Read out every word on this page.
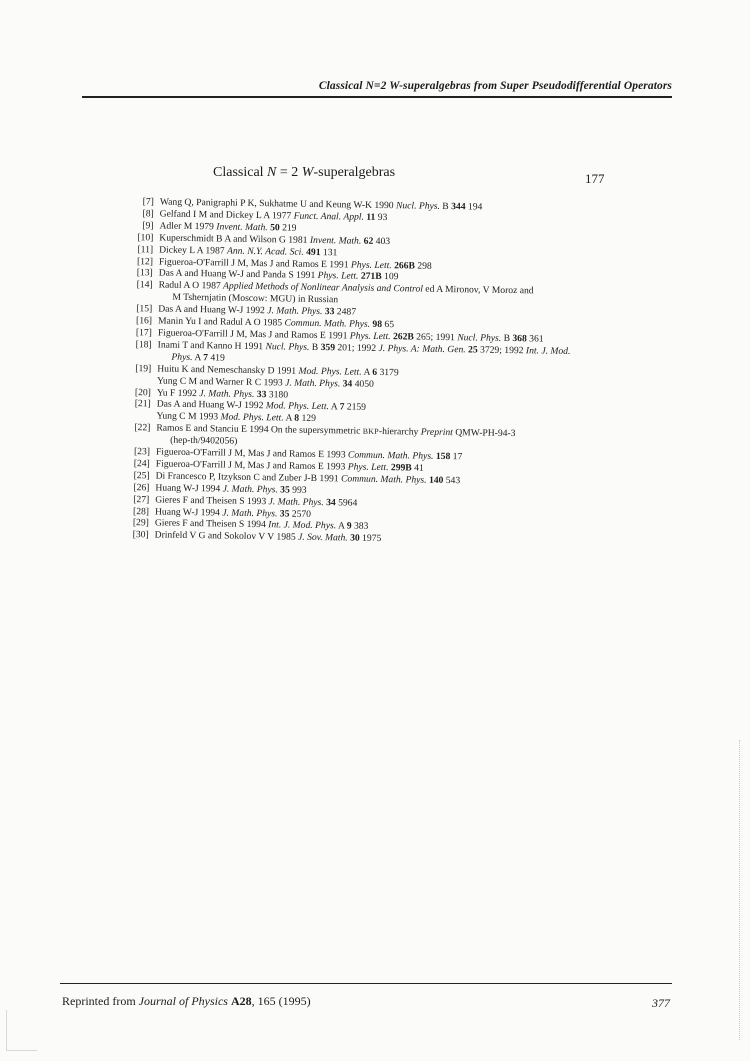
Classical N=2 W-superalgebras from Super Pseudodifferential Operators
Classical N = 2 W-superalgebras	177
[7] Wang Q, Panigraphi P K, Sukhatme U and Keung W-K 1990 Nucl. Phys. B 344 194
[8] Gelfand I M and Dickey L A 1977 Funct. Anal. Appl. 11 93
[9] Adler M 1979 Invent. Math. 50 219
[10] Kuperschmidt B A and Wilson G 1981 Invent. Math. 62 403
[11] Dickey L A 1987 Ann. N.Y. Acad. Sci. 491 131
[12] Figueroa-O'Farrill J M, Mas J and Ramos E 1991 Phys. Lett. 266B 298
[13] Das A and Huang W-J and Panda S 1991 Phys. Lett. 271B 109
[14] Radul A O 1987 Applied Methods of Nonlinear Analysis and Control ed A Mironov, V Moroz and
M Tshernjatin (Moscow: MGU) in Russian
[15] Das A and Huang W-J 1992 J. Math. Phys. 33 2487
[16] Manin Yu I and Radul A O 1985 Commun. Math. Phys. 98 65
[17] Figueroa-O'Farrill J M, Mas J and Ramos E 1991 Phys. Lett. 262B 265; 1991 Nucl. Phys. B 368 361
[18] Inami T and Kanno H 1991 Nucl. Phys. B 359 201; 1992 J. Phys. A: Math. Gen. 25 3729; 1992 Int. J. Mod.
Phys. A 7 419
[19] Huitu K and Nemeschansky D 1991 Mod. Phys. Lett. A 6 3179
Yung C M and Warner R C 1993 J. Math. Phys. 34 4050
[20] Yu F 1992 J. Math. Phys. 33 3180
[21] Das A and Huang W-J 1992 Mod. Phys. Lett. A 7 2159
Yung C M 1993 Mod. Phys. Lett. A 8 129
[22] Ramos E and Stanciu E 1994 On the supersymmetric BKP-hierarchy Preprint QMW-PH-94-3
(hep-th/9402056)
[23] Figueroa-O'Farrill J M, Mas J and Ramos E 1993 Commun. Math. Phys. 158 17
[24] Figueroa-O'Farrill J M, Mas J and Ramos E 1993 Phys. Lett. 299B 41
[25] Di Francesco P, Itzykson C and Zuber J-B 1991 Commun. Math. Phys. 140 543
[26] Huang W-J 1994 J. Math. Phys. 35 993
[27] Gieres F and Theisen S 1993 J. Math. Phys. 34 5964
[28] Huang W-J 1994 J. Math. Phys. 35 2570
[29] Gieres F and Theisen S 1994 Int. J. Mod. Phys. A 9 383
[30] Drinfeld V G and Sokolov V V 1985 J. Sov. Math. 30 1975
Reprinted from Journal of Physics A28, 165 (1995)	377
